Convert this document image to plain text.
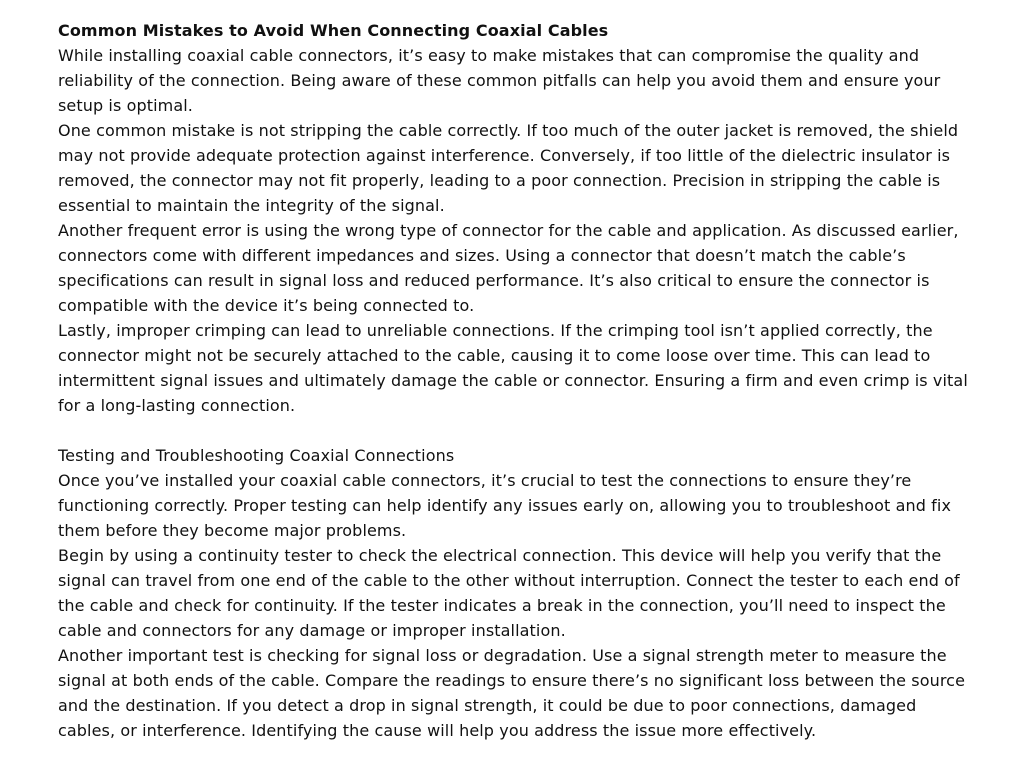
Common Mistakes to Avoid When Connecting Coaxial Cables

While installing coaxial cable connectors, it’s easy to make mistakes that can compromise the quality and reliability of the connection. Being aware of these common pitfalls can help you avoid them and ensure your setup is optimal.

One common mistake is not stripping the cable correctly. If too much of the outer jacket is removed, the shield may not provide adequate protection against interference. Conversely, if too little of the dielectric insulator is removed, the connector may not fit properly, leading to a poor connection. Precision in stripping the cable is essential to maintain the integrity of the signal.

Another frequent error is using the wrong type of connector for the cable and application. As discussed earlier, connectors come with different impedances and sizes. Using a connector that doesn’t match the cable’s specifications can result in signal loss and reduced performance. It’s also critical to ensure the connector is compatible with the device it’s being connected to.

Lastly, improper crimping can lead to unreliable connections. If the crimping tool isn’t applied correctly, the connector might not be securely attached to the cable, causing it to come loose over time. This can lead to intermittent signal issues and ultimately damage the cable or connector. Ensuring a firm and even crimp is vital for a long-lasting connection.

Testing and Troubleshooting Coaxial Connections

Once you’ve installed your coaxial cable connectors, it’s crucial to test the connections to ensure they’re functioning correctly. Proper testing can help identify any issues early on, allowing you to troubleshoot and fix them before they become major problems.

Begin by using a continuity tester to check the electrical connection. This device will help you verify that the signal can travel from one end of the cable to the other without interruption. Connect the tester to each end of the cable and check for continuity. If the tester indicates a break in the connection, you’ll need to inspect the cable and connectors for any damage or improper installation.

Another important test is checking for signal loss or degradation. Use a signal strength meter to measure the signal at both ends of the cable. Compare the readings to ensure there’s no significant loss between the source and the destination. If you detect a drop in signal strength, it could be due to poor connections, damaged cables, or interference. Identifying the cause will help you address the issue more effectively.
